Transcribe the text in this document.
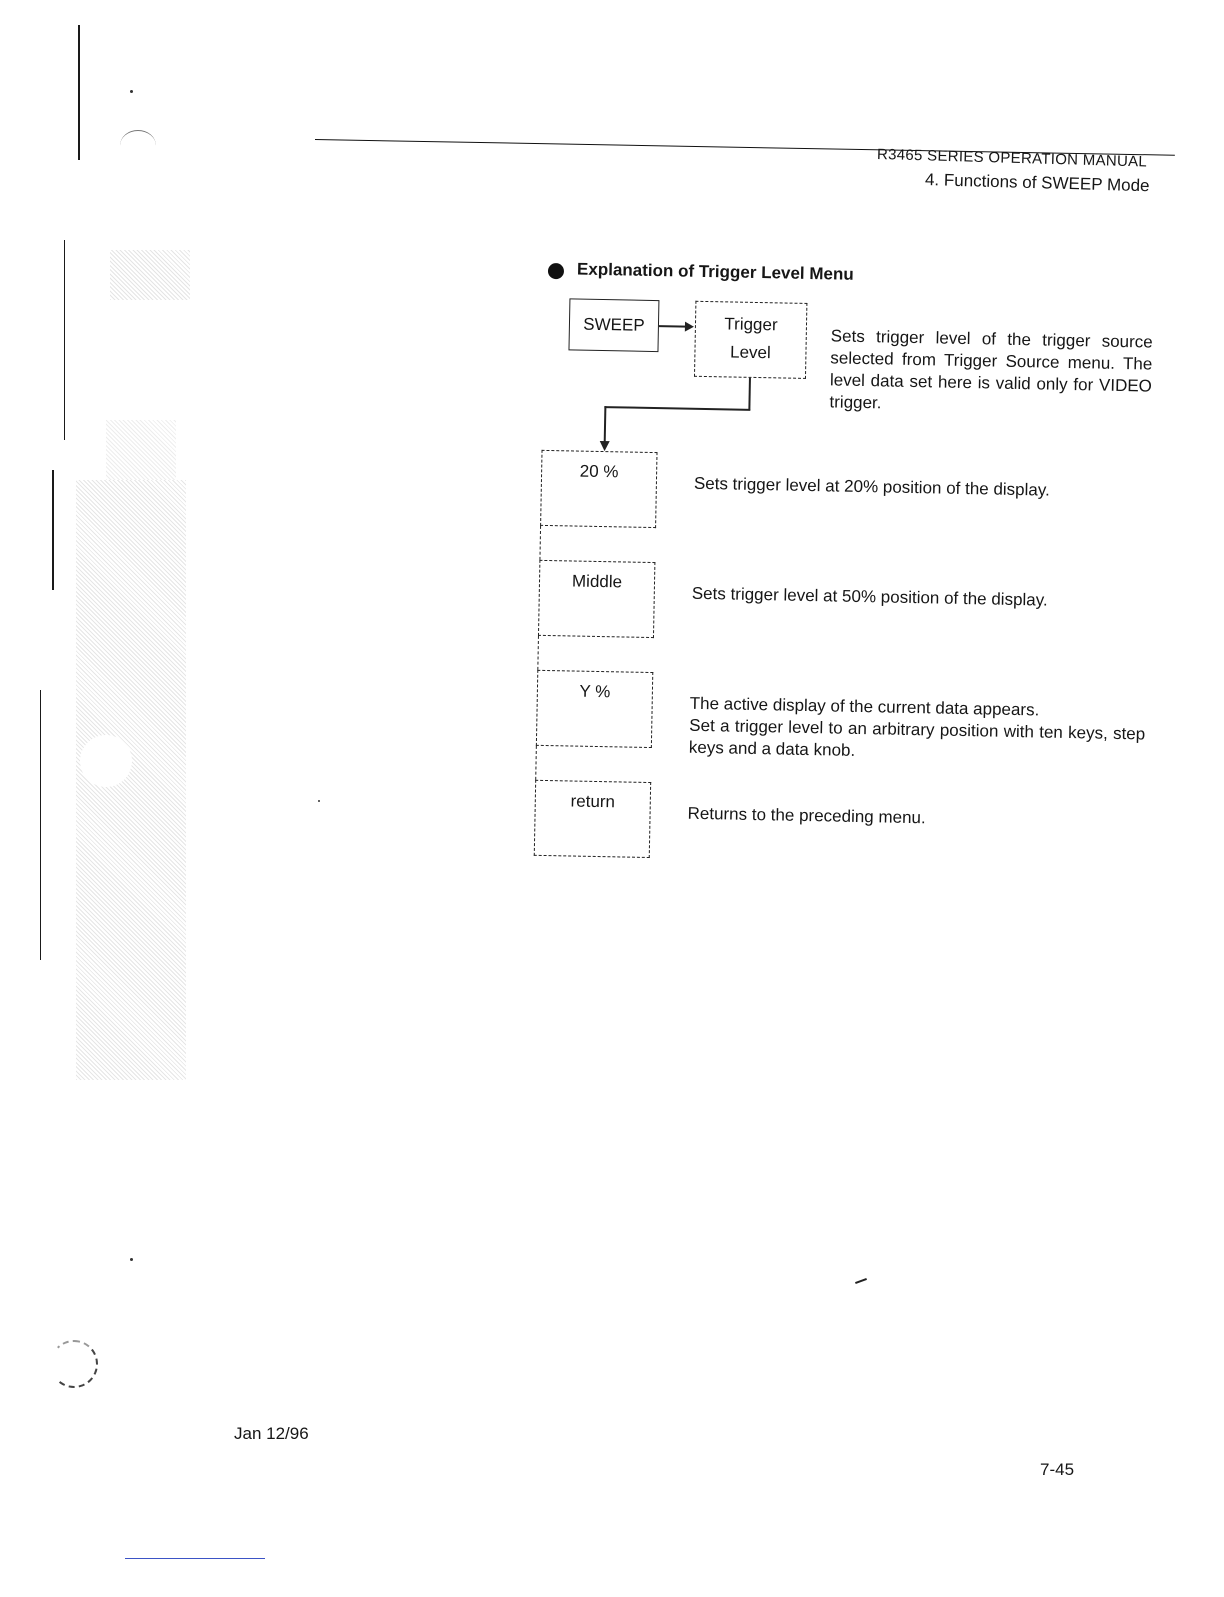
R3465 SERIES OPERATION MANUAL
4. Functions of SWEEP Mode
Explanation of Trigger Level Menu
SWEEP	Trigger
Level
Sets trigger level of the trigger source selected from Trigger Source menu. The level data set here is valid only for VIDEO trigger.
20 %
Sets trigger level at 20% position of the display.
Middle
Sets trigger level at 50% position of the display.
Y %
The active display of the current data appears.
Set a trigger level to an arbitrary position with ten keys, step keys and a data knob.
return
Returns to the preceding menu.
Jan 12/96
7-45
